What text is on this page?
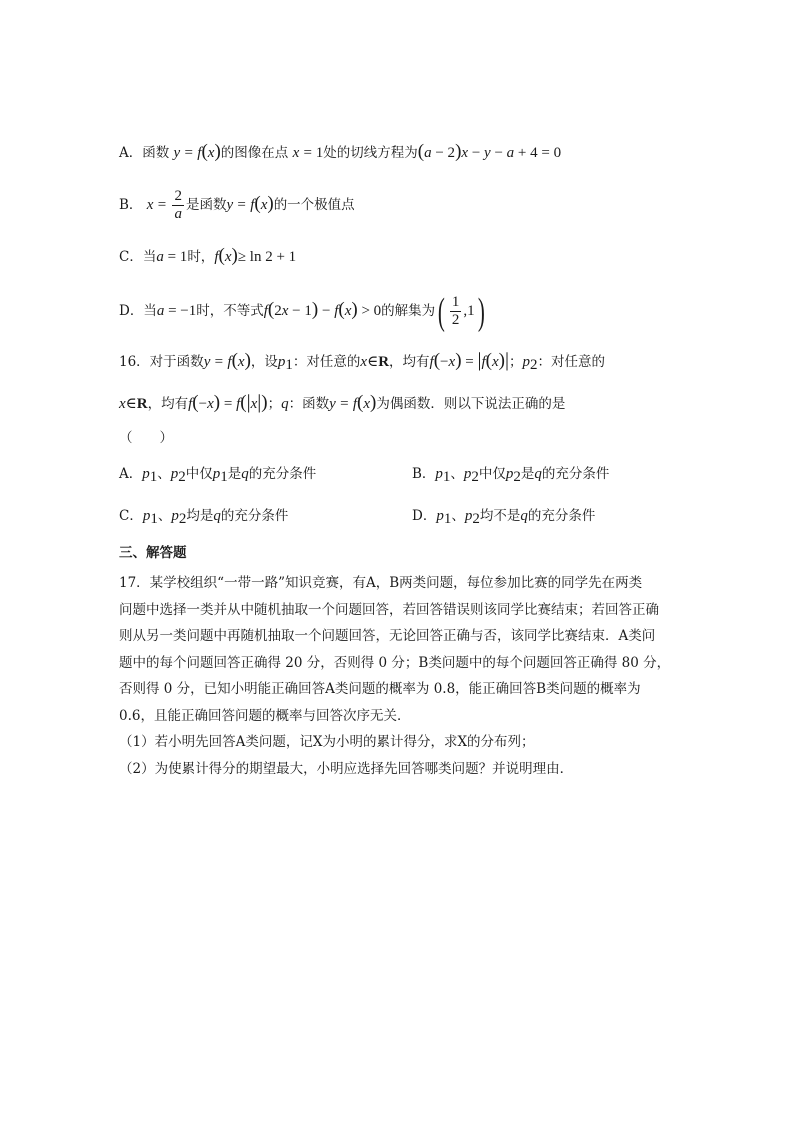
A．函数 y = f(x)的图像在点 x = 1处的切线方程为(a − 2)x − y − a + 4 = 0
B． $x = \frac{2}{a}$ 是函数y = f(x)的一个极值点
C．当a = 1时，f(x)≥ ln 2 + 1
D．当a = −1时，不等式f(2x − 1) − f(x) > 0的解集为( $\frac{1}{2} ,1$)
16．对于函数y = f(x)，设$p_1$：对任意的x∈R，均有f(−x) = |f(x)|；$p_2$：对任意的
x∈R，均有f(−x) = f(|x|)；q：函数y = f(x)为偶函数．则以下说法正确的是
（　　）
A．$p_1$、$p_2$中仅$p_1$是q的充分条件	B．$p_1$、$p_2$中仅$p_2$是q的充分条件
C．$p_1$、$p_2$均是q的充分条件	D．$p_1$、$p_2$均不是q的充分条件
三、解答题
17．某学校组织“一带一路”知识竞赛，有A，B两类问题，每位参加比赛的同学先在两类
问题中选择一类并从中随机抽取一个问题回答，若回答错误则该同学比赛结束；若回答正确
则从另一类问题中再随机抽取一个问题回答，无论回答正确与否，该同学比赛结束．A类问
题中的每个问题回答正确得 20 分，否则得 0 分；B类问题中的每个问题回答正确得 80 分，
否则得 0 分，已知小明能正确回答A类问题的概率为 0.8，能正确回答B类问题的概率为
0.6，且能正确回答问题的概率与回答次序无关．
（1）若小明先回答A类问题，记X为小明的累计得分，求X的分布列；
（2）为使累计得分的期望最大，小明应选择先回答哪类问题？并说明理由．
